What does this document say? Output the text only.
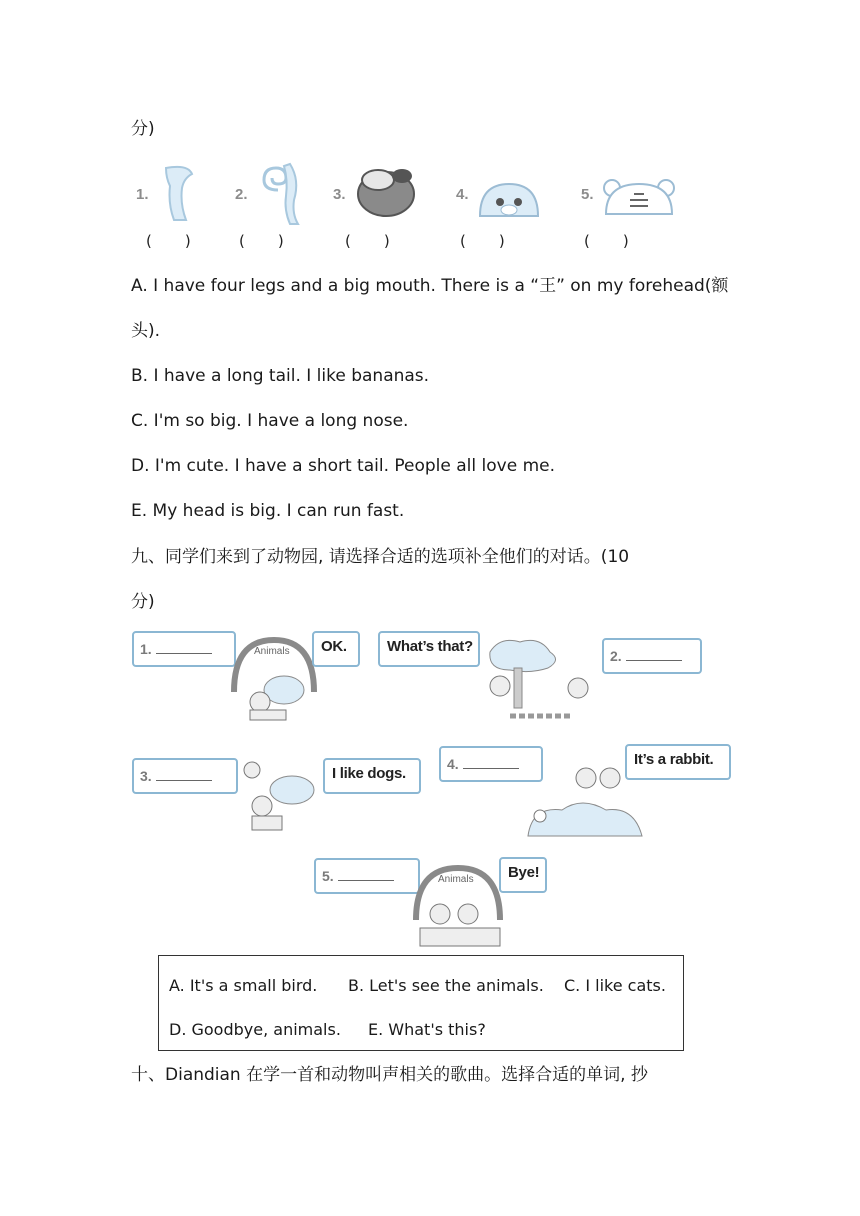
分)
1.	2.	3.	4.	5.
(　　)	(　　)	(　　)	(　　)	(　　)
A. I have four legs and a big mouth. There is a “王” on my forehead(额
头).
B. I have a long tail. I like bananas.
C. I'm so big. I have a long nose.
D. I'm cute. I have a short tail. People all love me.
E. My head is big. I can run fast.
九、同学们来到了动物园, 请选择合适的选项补全他们的对话。(10
分)
1.	Animals OK.	What’s that?
2.
3.	I like dogs.
4.	It’s a rabbit.
5.	Animals Bye!
A. It's a small bird. B. Let's see the animals. C. I like cats.
D. Goodbye, animals. E. What's this?
十、Diandian 在学一首和动物叫声相关的歌曲。选择合适的单词, 抄
